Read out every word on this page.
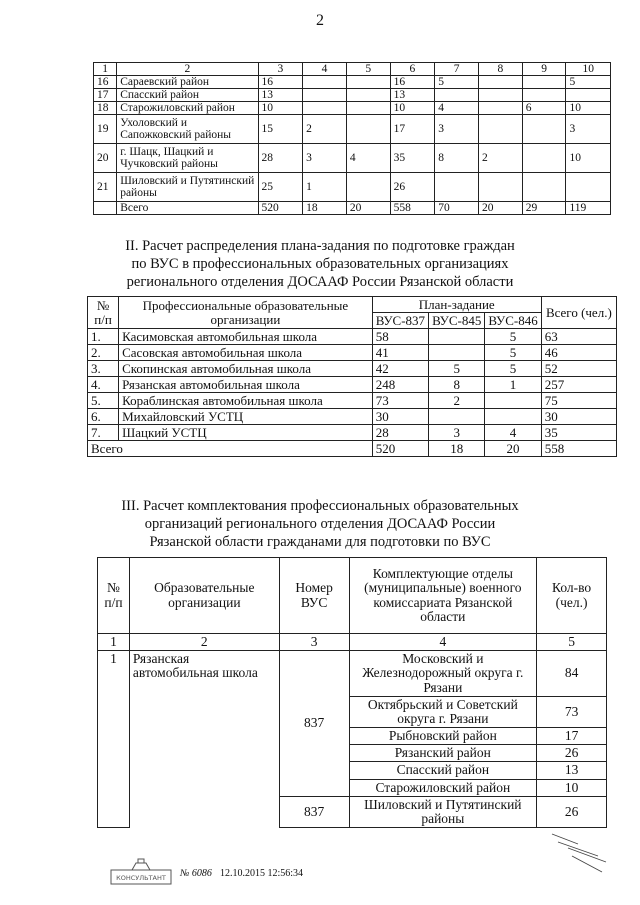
2
1	2	3	4	5	6	7	8	9	10
16	Сараевский район	16			16	5			5
17	Спасский район	13			13				
18	Старожиловский район	10			10	4		6	10
19	Ухоловский и Сапожковский районы	15	2		17	3			3
20	г. Шацк, Шацкий и Чучковский районы	28	3	4	35	8	2		10
21	Шиловский и Путятинский районы	25	1		26				
	Всего	520	18	20	558	70	20	29	119
II. Расчет распределения плана-задания по подготовке граждан
по ВУС в профессиональных образовательных организациях
регионального отделения ДОСААФ России Рязанской области
№ п/п	Профессиональные образовательные организации	План-задание			Всего (чел.)
		ВУС-837	ВУС-845	ВУС-846	
1.	Касимовская автомобильная школа	58		5	63
2.	Сасовская автомобильная школа	41		5	46
3.	Скопинская автомобильная школа	42	5	5	52
4.	Рязанская автомобильная школа	248	8	1	257
5.	Кораблинская автомобильная школа	73	2		75
6.	Михайловский УСТЦ	30			30
7.	Шацкий УСТЦ	28	3	4	35
Всего		520	18	20	558
III. Расчет комплектования профессиональных образовательных
организаций регионального отделения ДОСААФ России
Рязанской области гражданами для подготовки по ВУС
№ п/п	Образовательные организации	Номер ВУС	Комплектующие отделы (муниципальные) военного комиссариата Рязанской области	Кол-во (чел.)
1	2	3	4	5
1	Рязанская автомобильная школа	837	Московский и Железнодорожный округа г. Рязани	84
			Октябрьский и Советский округа г. Рязани	73
			Рыбновский район	17
			Рязанский район	26
			Спасский район	13
			Старожиловский район	10
		837	Шиловский и Путятинский районы	26
КОНСУЛЬТАНТ № 6086 12.10.2015 12:56:34
